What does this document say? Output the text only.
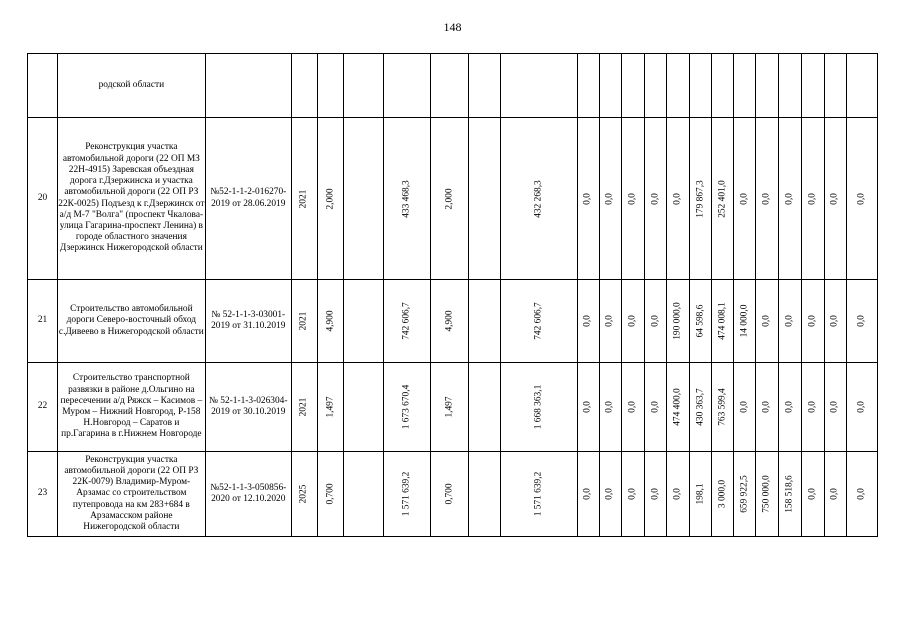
148
	родской области																					
20	Реконструкция участка автомобильной дороги (22 ОП МЗ 22Н-4915) Заревская объездная дорога г.Дзержинска и участка автомобильной дороги (22 ОП РЗ 22К-0025) Подъезд к г.Дзержинск от а/д М-7 "Волга" (проспект Чкалова-улица Гагарина-проспект Ленина) в городе областного значения Дзержинск Нижегородской области	№52-1-1-2-016270-2019 от 28.06.2019	2021	2,000		433 468,3	2,000		432 268,3	0,0	0,0	0,0	0,0	0,0	179 867,3	252 401,0	0,0	0,0	0,0	0,0	0,0	0,0

21	Строительство автомобильной дороги Северо-восточный обход с.Дивеево в Нижегородской области	№ 52-1-1-3-03001-2019 от 31.10.2019	2021	4,900		742 606,7	4,900		742 606,7	0,0	0,0	0,0	0,0	190 000,0	64 598,6	474 008,1	14 000,0	0,0	0,0	0,0	0,0	0,0

22	Строительство транспортной развязки в районе д.Ольгино на пересечении а/д Ряжск – Касимов – Муром – Нижний Новгород, Р-158 Н.Новгород – Саратов и пр.Гагарина в г.Нижнем Новгороде	№ 52-1-1-3-026304-2019 от 30.10.2019	2021	1,497		1 673 670,4	1,497		1 668 363,1	0,0	0,0	0,0	0,0	474 400,0	430 363,7	763 599,4	0,0	0,0	0,0	0,0	0,0	0,0

23	Реконструкция участка автомобильной дороги (22 ОП РЗ 22К-0079) Владимир-Муром-Арзамас со строительством путепровода на км 283+684 в Арзамасском районе Нижегородской области	№52-1-1-3-050856-2020 от 12.10.2020	2025	0,700		1 571 639,2	0,700		1 571 639,2	0,0	0,0	0,0	0,0	0,0	198,1	3 000,0	659 922,5	750 000,0	158 518,6	0,0	0,0	0,0
